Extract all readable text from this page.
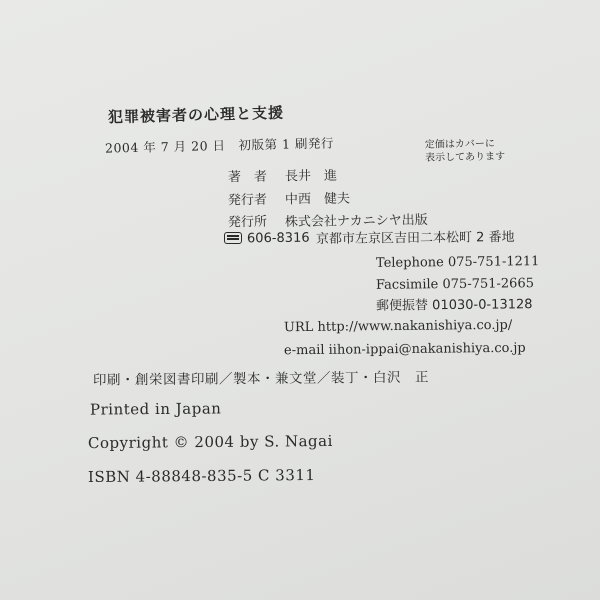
犯罪被害者の心理と支援
2004 年 7 月 20 日　初版第 1 刷発行	定価はカバーに
表示してあります
著　者 長井　進
発行者 中西　健夫
発行所 株式会社ナカニシヤ出版
606-8316 京都市左京区吉田二本松町 2 番地
Telephone 075-751-1211
Facsimile 075-751-2665
郵便振替 01030-0-13128
URL http://www.nakanishiya.co.jp/
e-mail iihon-ippai@nakanishiya.co.jp
印刷・創栄図書印刷／製本・兼文堂／装丁・白沢　正
Printed in Japan
Copyright © 2004 by S. Nagai
ISBN 4-88848-835-5 C 3311
